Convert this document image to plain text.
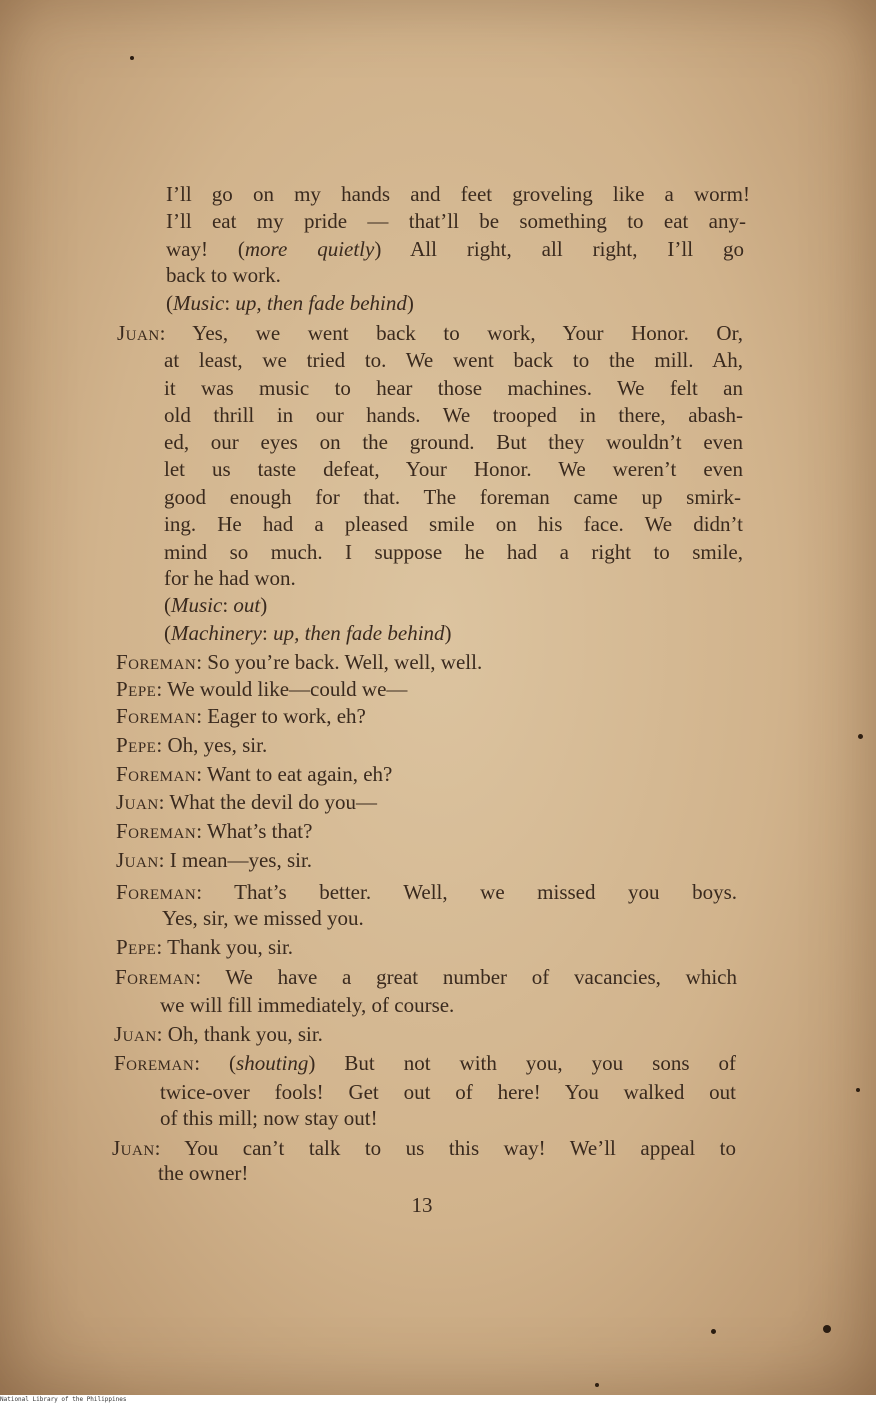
I’ll go on my hands and feet groveling like a worm!
I’ll eat my pride — that’ll be something to eat any-
way! (more quietly) All right, all right, I’ll go
back to work.
(Music: up, then fade behind)
Juan: Yes, we went back to work, Your Honor. Or,
at least, we tried to. We went back to the mill. Ah,
it was music to hear those machines. We felt an
old thrill in our hands. We trooped in there, abash-
ed, our eyes on the ground. But they wouldn’t even
let us taste defeat, Your Honor. We weren’t even
good enough for that. The foreman came up smirk-
ing. He had a pleased smile on his face. We didn’t
mind so much. I suppose he had a right to smile,
for he had won.
(Music: out)
(Machinery: up, then fade behind)
Foreman: So you’re back. Well, well, well.
Pepe: We would like—could we—
Foreman: Eager to work, eh?
Pepe: Oh, yes, sir.
Foreman: Want to eat again, eh?
Juan: What the devil do you—
Foreman: What’s that?
Juan: I mean—yes, sir.
Foreman: That’s better. Well, we missed you boys.
Yes, sir, we missed you.
Pepe: Thank you, sir.
Foreman: We have a great number of vacancies, which
we will fill immediately, of course.
Juan: Oh, thank you, sir.
Foreman: (shouting) But not with you, you sons of
twice-over fools! Get out of here! You walked out
of this mill; now stay out!
Juan: You can’t talk to us this way! We’ll appeal to
the owner!
13
National Library of the Philippines
